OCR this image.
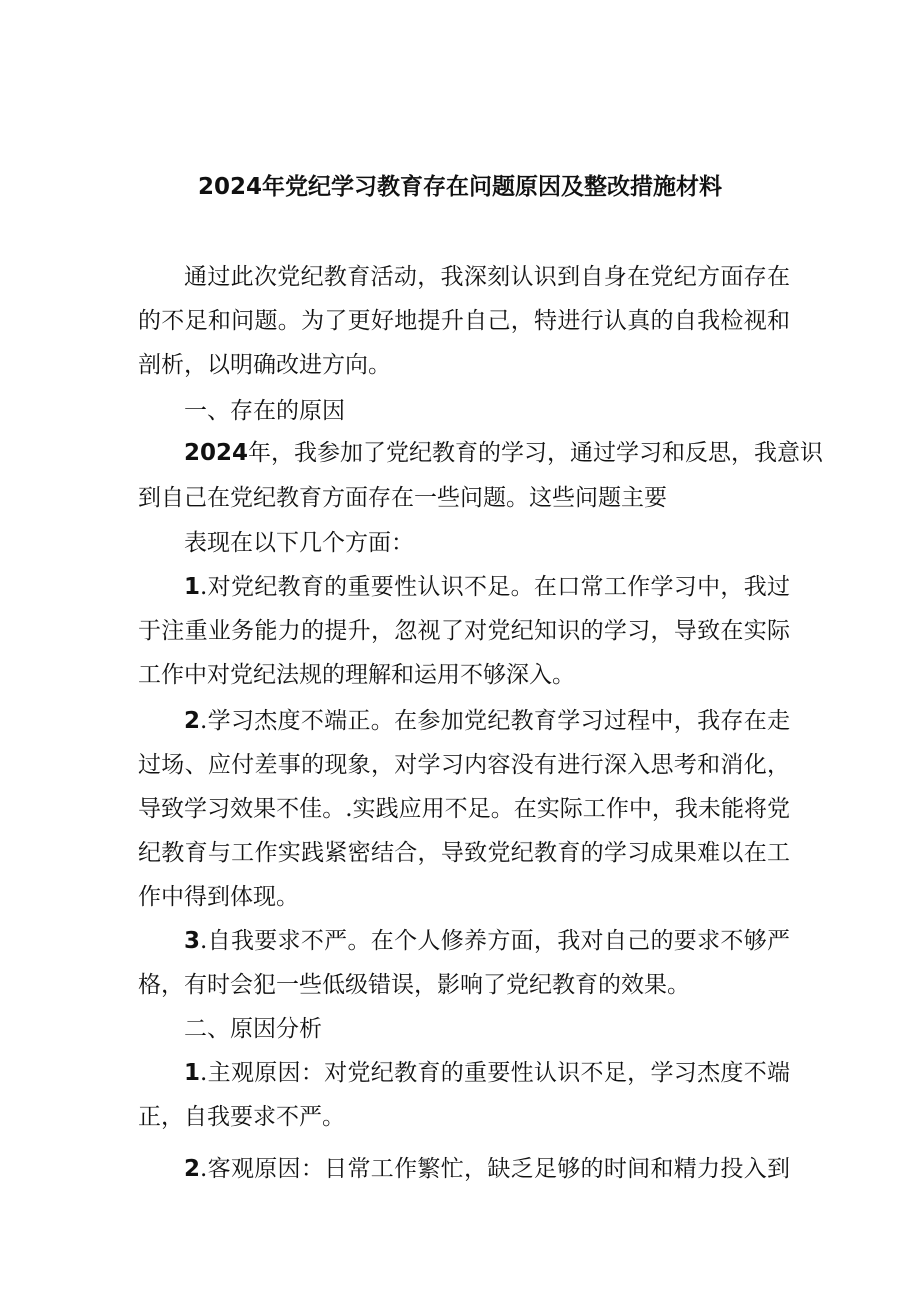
2024年党纪学习教育存在问题原因及整改措施材料
通过此次党纪教育活动，我深刻认识到自身在党纪方面存在
的不足和问题。为了更好地提升自己，特进行认真的自我检视和
剖析，以明确改进方向。
一、存在的原因
2024年，我参加了党纪教育的学习，通过学习和反思，我意识
到自己在党纪教育方面存在一些问题。这些问题主要
表现在以下几个方面：
1.对党纪教育的重要性认识不足。在口常工作学习中，我过
于注重业务能力的提升，忽视了对党纪知识的学习，导致在实际
工作中对党纪法规的理解和运用不够深入。
2.学习杰度不端正。在参加党纪教育学习过程中，我存在走
过场、应付差事的现象，对学习内容没有进行深入思考和消化，
导致学习效果不佳。.实践应用不足。在实际工作中，我未能将党
纪教育与工作实践紧密结合，导致党纪教育的学习成果难以在工
作中得到体现。
3.自我要求不严。在个人修养方面，我对自己的要求不够严
格，有时会犯一些低级错误，影响了党纪教育的效果。
二、原因分析
1.主观原因：对党纪教育的重要性认识不足，学习杰度不端
正，自我要求不严。
2.客观原因：日常工作繁忙，缺乏足够的时间和精力投入到
